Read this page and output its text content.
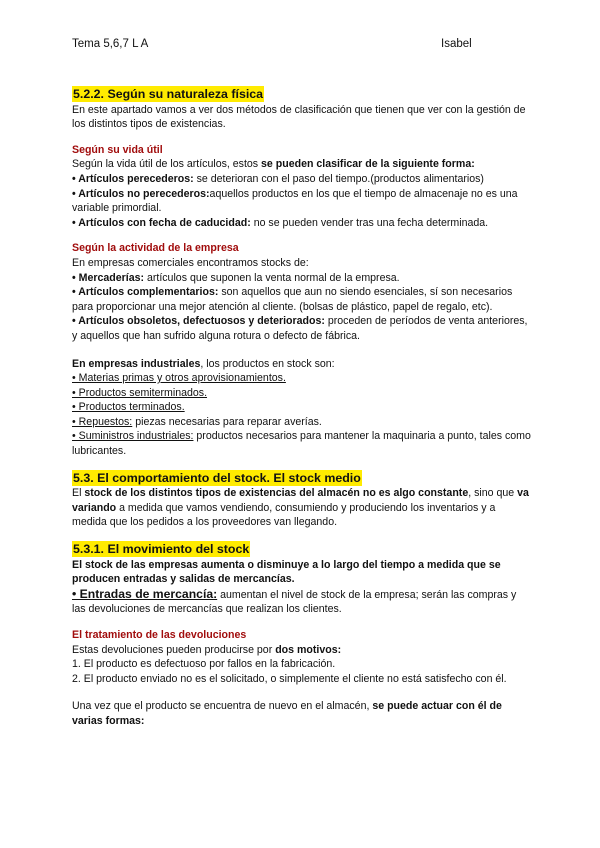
Tema 5,6,7 L A	Isabel
5.2.2. Según su naturaleza física

En este apartado vamos a ver dos métodos de clasificación que tienen que ver con la gestión de los distintos tipos de existencias.

Según su vida útil

Según la vida útil de los artículos, estos se pueden clasificar de la siguiente forma:

• Artículos perecederos: se deterioran con el paso del tiempo.(productos alimentarios)

• Artículos no perecederos:aquellos productos en los que el tiempo de almacenaje no es una variable primordial.

• Artículos con fecha de caducidad: no se pueden vender tras una fecha determinada.

Según la actividad de la empresa

En empresas comerciales encontramos stocks de:

• Mercaderías: artículos que suponen la venta normal de la empresa.

• Artículos complementarios: son aquellos que aun no siendo esenciales, sí son necesarios para proporcionar una mejor atención al cliente. (bolsas de plástico, papel de regalo, etc).

• Artículos obsoletos, defectuosos y deteriorados: proceden de períodos de venta anteriores, y aquellos que han sufrido alguna rotura o defecto de fábrica.

En empresas industriales, los productos en stock son:

• Materias primas y otros aprovisionamientos.

• Productos semiterminados.

• Productos terminados.

• Repuestos: piezas necesarias para reparar averías.

• Suministros industriales: productos necesarios para mantener la maquinaria a punto, tales como lubricantes.

5.3. El comportamiento del stock. El stock medio

El stock de los distintos tipos de existencias del almacén no es algo constante, sino que va variando a medida que vamos vendiendo, consumiendo y produciendo los inventarios y a medida que los pedidos a los proveedores van llegando.

5.3.1. El movimiento del stock

El stock de las empresas aumenta o disminuye a lo largo del tiempo a medida que se producen entradas y salidas de mercancías.

• Entradas de mercancía: aumentan el nivel de stock de la empresa; serán las compras y las devoluciones de mercancías que realizan los clientes.

El tratamiento de las devoluciones

Estas devoluciones pueden producirse por dos motivos:

1. El producto es defectuoso por fallos en la fabricación.

2. El producto enviado no es el solicitado, o simplemente el cliente no está satisfecho con él.

Una vez que el producto se encuentra de nuevo en el almacén, se puede actuar con él de varias formas:
